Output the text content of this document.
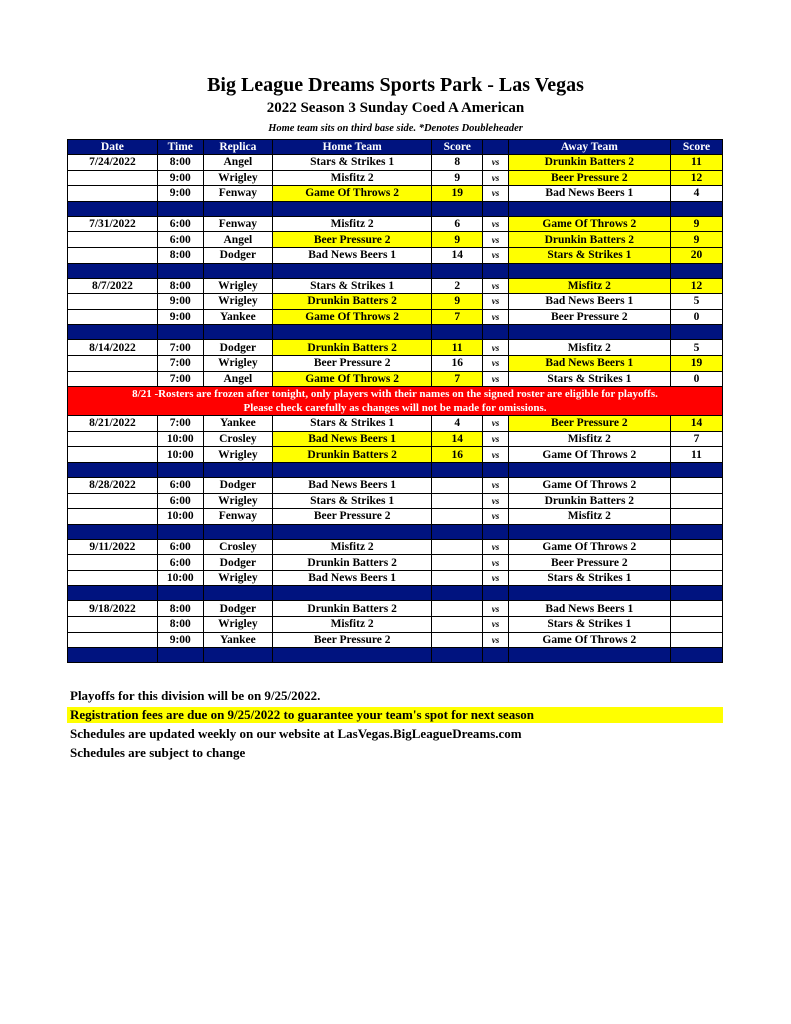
Big League Dreams Sports Park - Las Vegas
2022 Season 3 Sunday Coed A American
Home team sits on third base side. *Denotes Doubleheader
Date	Time	Replica	Home Team	Score		Away Team	Score
7/24/2022	8:00	Angel	Stars & Strikes 1	8	vs	Drunkin Batters 2	11
	9:00	Wrigley	Misfitz 2	9	vs	Beer Pressure 2	12
	9:00	Fenway	Game Of Throws 2	19	vs	Bad News Beers 1	4

7/31/2022	6:00	Fenway	Misfitz 2	6	vs	Game Of Throws 2	9
	6:00	Angel	Beer Pressure 2	9	vs	Drunkin Batters 2	9
	8:00	Dodger	Bad News Beers 1	14	vs	Stars & Strikes 1	20

8/7/2022	8:00	Wrigley	Stars & Strikes 1	2	vs	Misfitz 2	12
	9:00	Wrigley	Drunkin Batters 2	9	vs	Bad News Beers 1	5
	9:00	Yankee	Game Of Throws 2	7	vs	Beer Pressure 2	0

8/14/2022	7:00	Dodger	Drunkin Batters 2	11	vs	Misfitz 2	5
	7:00	Wrigley	Beer Pressure 2	16	vs	Bad News Beers 1	19
	7:00	Angel	Game Of Throws 2	7	vs	Stars & Strikes 1	0

8/21 -Rosters are frozen after tonight, only players with their names on the signed roster are eligible for playoffs.
Please check carefully as changes will not be made for omissions.							

8/21/2022	7:00	Yankee	Stars & Strikes 1	4	vs	Beer Pressure 2	14
	10:00	Crosley	Bad News Beers 1	14	vs	Misfitz 2	7
	10:00	Wrigley	Drunkin Batters 2	16	vs	Game Of Throws 2	11

8/28/2022	6:00	Dodger	Bad News Beers 1		vs	Game Of Throws 2	
	6:00	Wrigley	Stars & Strikes 1		vs	Drunkin Batters 2	
	10:00	Fenway	Beer Pressure 2		vs	Misfitz 2	

9/11/2022	6:00	Crosley	Misfitz 2		vs	Game Of Throws 2	
	6:00	Dodger	Drunkin Batters 2		vs	Beer Pressure 2	
	10:00	Wrigley	Bad News Beers 1		vs	Stars & Strikes 1	

9/18/2022	8:00	Dodger	Drunkin Batters 2		vs	Bad News Beers 1	
	8:00	Wrigley	Misfitz 2		vs	Stars & Strikes 1	
	9:00	Yankee	Beer Pressure 2		vs	Game Of Throws 2	

Playoffs for this division will be on 9/25/2022.
Registration fees are due on 9/25/2022 to guarantee your team's spot for next season
Schedules are updated weekly on our website at LasVegas.BigLeagueDreams.com
Schedules are subject to change
